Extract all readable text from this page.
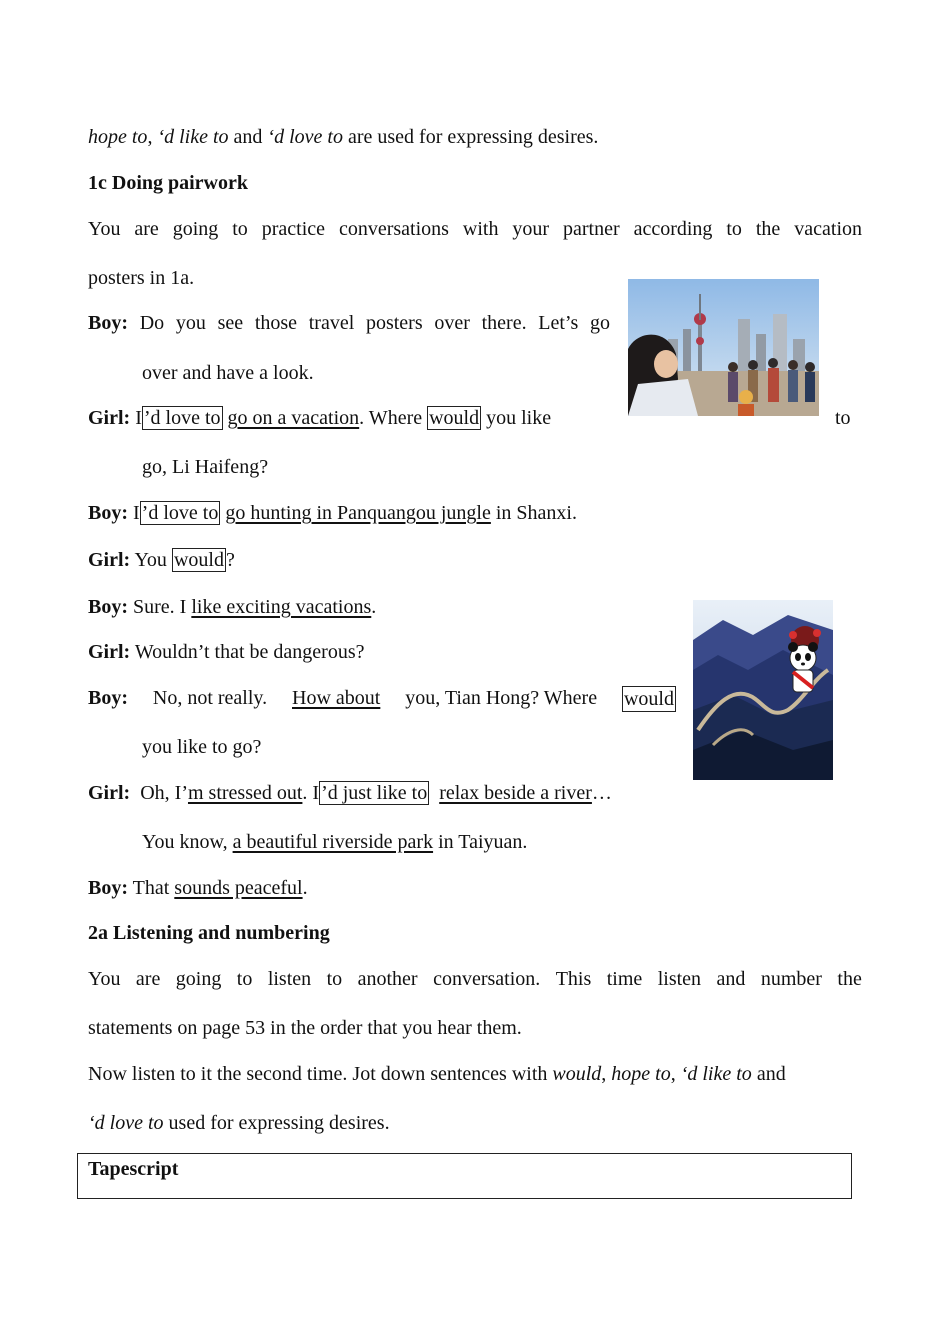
hope to, ‘d like to and ‘d love to are used for expressing desires.
1c Doing pairwork
You are going to practice conversations with your partner according to the vacation
posters in 1a.
Boy: Do you see those travel posters over there. Let’s go
over and have a look.
Girl: I ’d love to go on a vacation. Where would you like	to
go, Li Haifeng?
Boy: I ’d love to go hunting in Panquangou jungle in Shanxi.
Girl: You would ?
Boy: Sure. I like exciting vacations.
Girl: Wouldn’t that be dangerous?
Boy: No, not really. How about you, Tian Hong? Where would
you like to go?
Girl: Oh, I’m stressed out. I ’d just like to relax beside a river…
You know, a beautiful riverside park in Taiyuan.
Boy: That sounds peaceful.
2a Listening and numbering
You are going to listen to another conversation. This time listen and number the
statements on page 53 in the order that you hear them.
Now listen to it the second time. Jot down sentences with would, hope to, ‘d like to and
‘d love to used for expressing desires.
Tapescript
